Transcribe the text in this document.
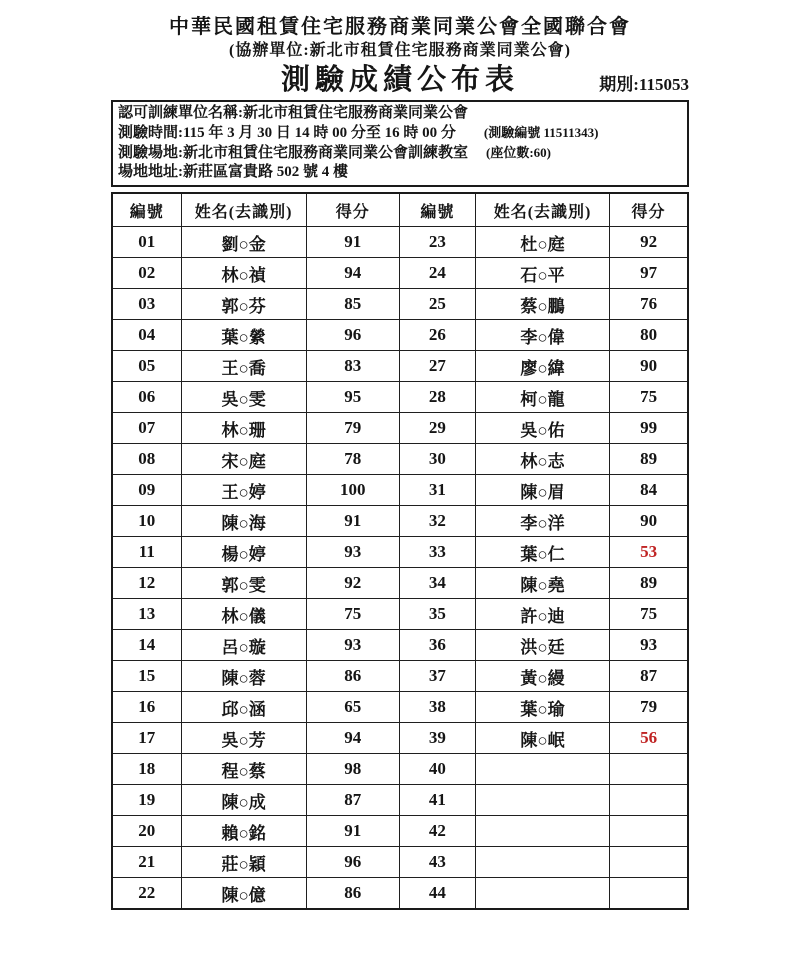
中華民國租賃住宅服務商業同業公會全國聯合會
(協辦單位:新北市租賃住宅服務商業同業公會)
測驗成績公布表	期別:115053
認可訓練單位名稱:新北市租賃住宅服務商業同業公會
測驗時間:115 年 3 月 30 日 14 時 00 分至 16 時 00 分 (測驗編號 11511343)
測驗場地:新北市租賃住宅服務商業同業公會訓練教室 (座位數:60)
場地地址:新莊區富貴路 502 號 4 樓
編號	姓名(去識別)	得分	編號	姓名(去識別)	得分
01	劉○金	91	23	杜○庭	92
02	林○禎	94	24	石○平	97
03	郭○芬	85	25	蔡○鵬	76
04	葉○縈	96	26	李○偉	80
05	王○喬	83	27	廖○緯	90
06	吳○雯	95	28	柯○龍	75
07	林○珊	79	29	吳○佑	99
08	宋○庭	78	30	林○志	89
09	王○婷	100	31	陳○眉	84
10	陳○海	91	32	李○洋	90
11	楊○婷	93	33	葉○仁	53
12	郭○雯	92	34	陳○堯	89
13	林○儀	75	35	許○迪	75
14	呂○璇	93	36	洪○廷	93
15	陳○蓉	86	37	黃○縵	87
16	邱○涵	65	38	葉○瑜	79
17	吳○芳	94	39	陳○岷	56
18	程○蔡	98	40		
19	陳○成	87	41		
20	賴○銘	91	42		
21	莊○穎	96	43		
22	陳○億	86	44		
